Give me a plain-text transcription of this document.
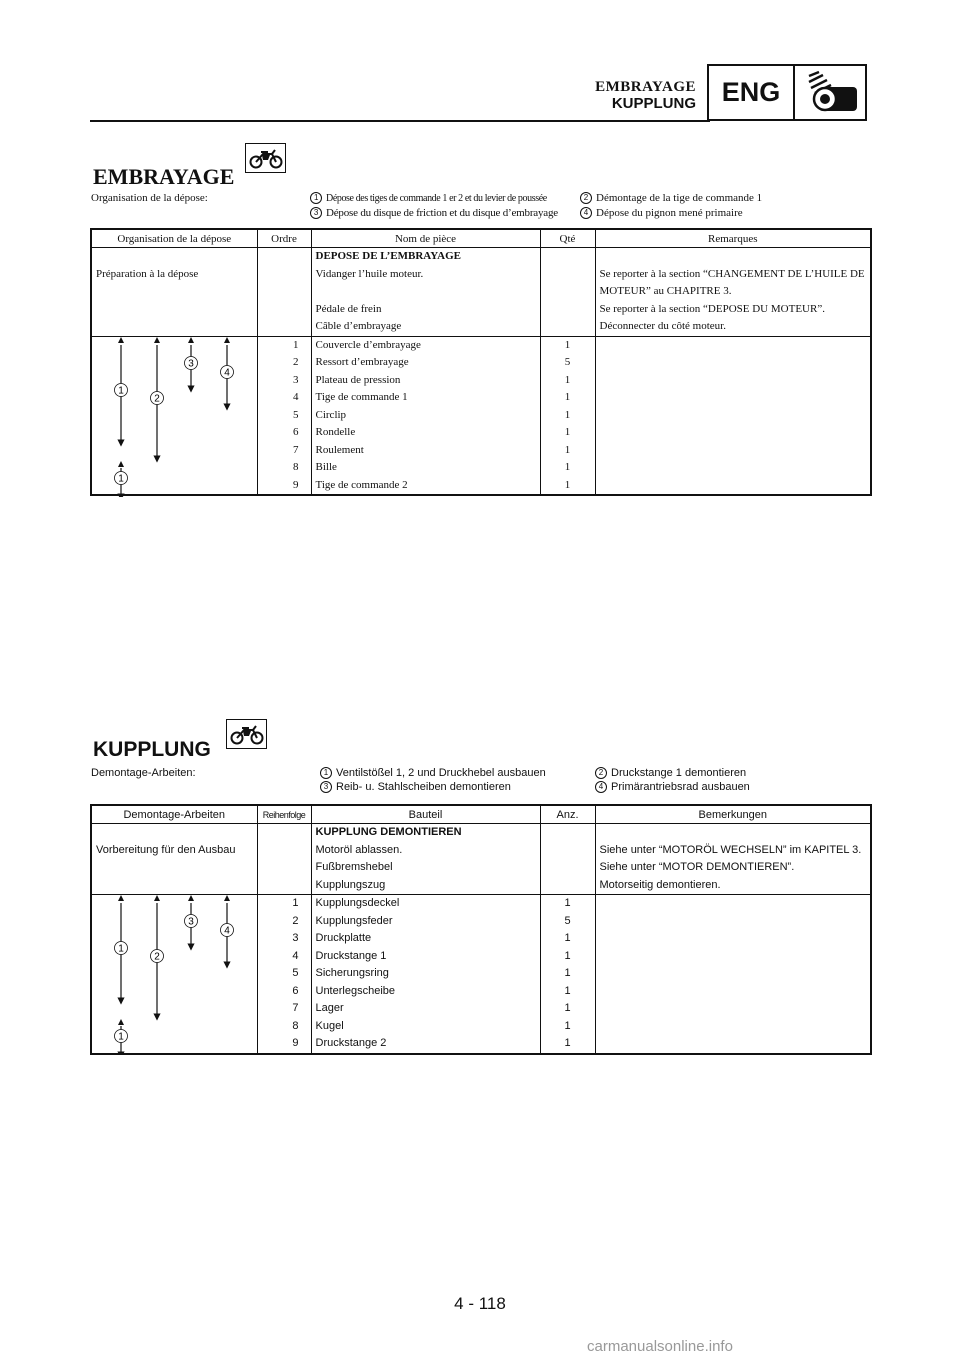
EMBRAYAGE
KUPPLUNG ENG
EMBRAYAGE
Organisation de la dépose:	1 Dépose des tiges de commande 1 er 2 et du levier de poussée	2 Démontage de la tige de commande 1
3 Dépose du disque de friction et du disque d’embrayage	4 Dépose du pignon mené primaire
Organisation de la dépose	Ordre	Nom de pièce	Qté	Remarques
		DEPOSE DE L’EMBRAYAGE		
Préparation à la dépose		Vidanger l’huile moteur.		Se reporter à la section “CHANGEMENT DE L’HUILE DE MOTEUR” au CHAPITRE 3.
		Pédale de frein		Se reporter à la section “DEPOSE DU MOTEUR”.
		Câble d’embrayage		Déconnecter du côté moteur.

1
2
3
4
1	1	Couvercle d’embrayage	1	
	2	Ressort d’embrayage	5	
	3	Plateau de pression	1	
	4	Tige de commande 1	1	
	5	Circlip	1	
	6	Rondelle	1	
	7	Roulement	1	
	8	Bille	1	
	9	Tige de commande 2	1	
KUPPLUNG
Demontage-Arbeiten:	1 Ventilstößel 1, 2 und Druckhebel ausbauen	2 Druckstange 1 demontieren
3 Reib- u. Stahlscheiben demontieren	4 Primärantriebsrad ausbauen
Demontage-Arbeiten	Reihenfolge	Bauteil	Anz.	Bemerkungen
		KUPPLUNG DEMONTIEREN		
Vorbereitung für den Ausbau		Motoröl ablassen.		Siehe unter “MOTORÖL WECHSELN” im KAPITEL 3.
		Fußbremshebel		Siehe unter “MOTOR DEMONTIEREN”.
		Kupplungszug		Motorseitig demontieren.

1
2
3
4
1	1	Kupplungsdeckel	1	
	2	Kupplungsfeder	5	
	3	Druckplatte	1	
	4	Druckstange 1	1	
	5	Sicherungsring	1	
	6	Unterlegscheibe	1	
	7	Lager	1	
	8	Kugel	1	
	9	Druckstange 2	1	
4 - 118
carmanualsonline.info
